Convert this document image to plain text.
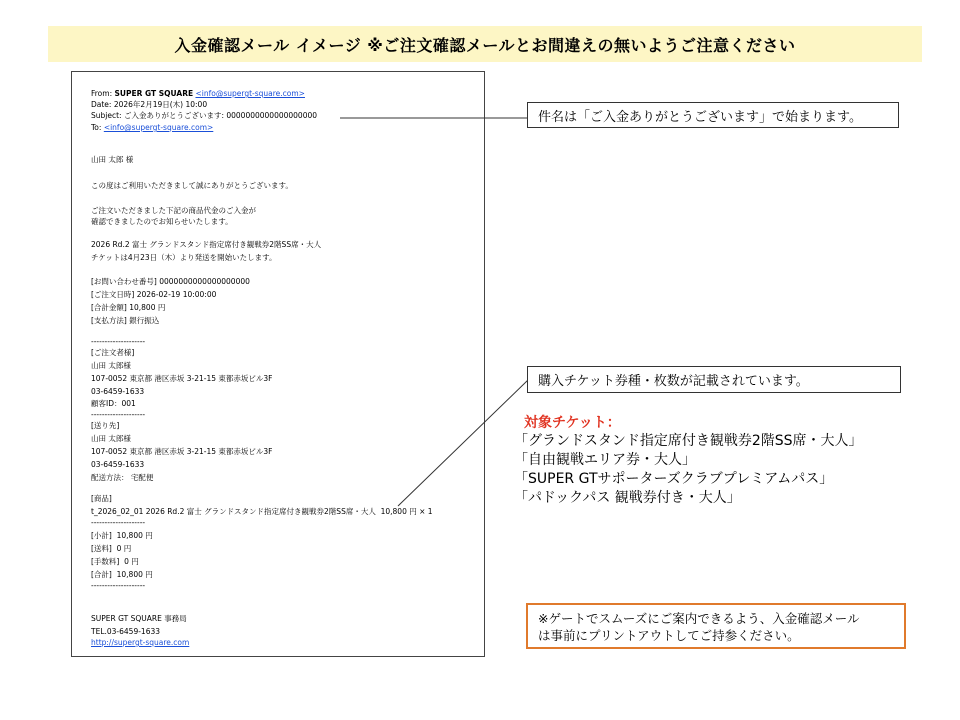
入金確認メール イメージ ※ご注文確認メールとお間違えの無いようご注意ください
From: SUPER GT SQUARE <info@supergt-square.com>
Date: 2026年2月19日(木) 10:00
Subject: ご入金ありがとうございます: 0000000000000000000
To: <info@supergt-square.com>
山田 太郎 様
この度はご利用いただきまして誠にありがとうございます。
ご注文いただきました下記の商品代金のご入金が
確認できましたのでお知らせいたします。
2026 Rd.2 富士 グランドスタンド指定席付き観戦券2階SS席・大人
チケットは4月23日（木）より発送を開始いたします。
[お問い合わせ番号] 0000000000000000000
[ご注文日時] 2026-02-19 10:00:00
[合計金額] 10,800 円
[支払方法] 銀行振込
--------------------
[ご注文者様]
山田 太郎様
107-0052 東京都 港区赤坂 3-21-15 東都赤坂ビル3F
03-6459-1633
顧客ID：001
--------------------
[送り先]
山田 太郎様
107-0052 東京都 港区赤坂 3-21-15 東都赤坂ビル3F
03-6459-1633
配送方法： 宅配便
[商品]
t_2026_02_01 2026 Rd.2 富士 グランドスタンド指定席付き観戦券2階SS席・大人  10,800 円 × 1
--------------------
[小計]  10,800 円
[送料]  0 円
[手数料]  0 円
[合計]  10,800 円
--------------------
SUPER GT SQUARE 事務局
TEL.03-6459-1633
http://supergt-square.com
件名は「ご入金ありがとうございます」で始まります。
購入チケット券種・枚数が記載されています。
対象チケット：
「グランドスタンド指定席付き観戦券2階SS席・大人」
「自由観戦エリア券・大人」
「SUPER GTサポーターズクラブプレミアムパス」
「パドックパス 観戦券付き・大人」
※ゲートでスムーズにご案内できるよう、入金確認メール
は事前にプリントアウトしてご持参ください。
